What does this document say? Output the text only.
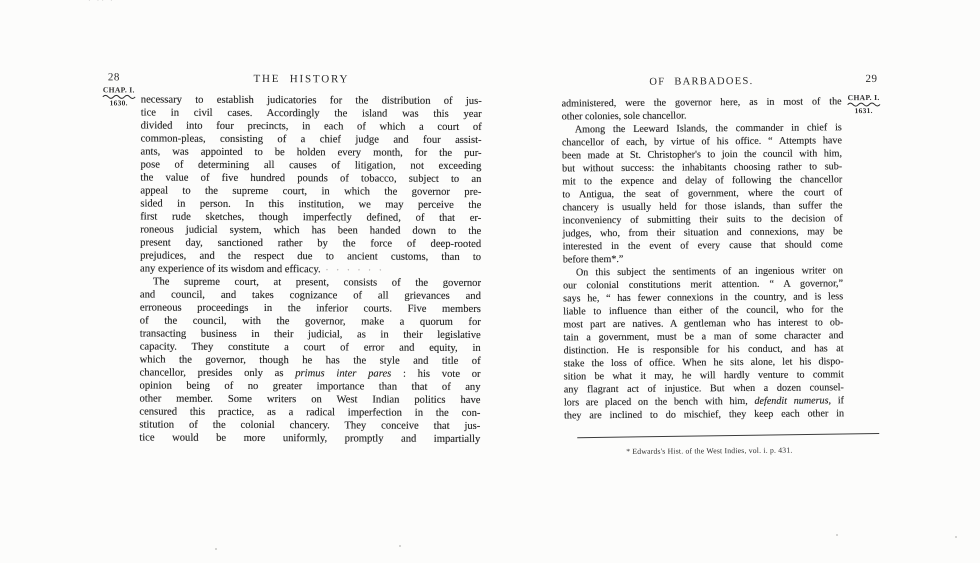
· ·· ·
28	THE HISTORY
CHAP. I.
1630.	necessary to establish judicatories for the distribution of jus-
tice in civil cases. Accordingly the island was this year
divided into four precincts, in each of which a court of
common-pleas, consisting of a chief judge and four assist-
ants, was appointed to be holden every month, for the pur-
pose of determining all causes of litigation, not exceeding
the value of five hundred pounds of tobacco, subject to an
appeal to the supreme court, in which the governor pre-
sided in person. In this institution, we may perceive the
first rude sketches, though imperfectly defined, of that er-
roneous judicial system, which has been handed down to the
present day, sanctioned rather by the force of deep-rooted
prejudices, and the respect due to ancient customs, than to
any experience of its wisdom and efficacy. · · · · · ·
The supreme court, at present, consists of the governor
and council, and takes cognizance of all grievances and
erroneous proceedings in the inferior courts. Five members
of the council, with the governor, make a quorum for
transacting business in their judicial, as in their legislative
capacity. They constitute a court of error and equity, in
which the governor, though he has the style and title of
chancellor, presides only as primus inter pares : his vote or
opinion being of no greater importance than that of any
other member. Some writers on West Indian politics have
censured this practice, as a radical imperfection in the con-
stitution of the colonial chancery. They conceive that jus-
tice would be more uniformly, promptly and impartially
29
OF BARBADOES.
CHAP. I.
1631.
administered, were the governor here, as in most of the
other colonies, sole chancellor.
Among the Leeward Islands, the commander in chief is
chancellor of each, by virtue of his office. “ Attempts have
been made at St. Christopher's to join the council with him,
but without success: the inhabitants choosing rather to sub-
mit to the expence and delay of following the chancellor
to Antigua, the seat of government, where the court of
chancery is usually held for those islands, than suffer the
inconveniency of submitting their suits to the decision of
judges, who, from their situation and connexions, may be
interested in the event of every cause that should come
before them*.”
On this subject the sentiments of an ingenious writer on
our colonial constitutions merit attention. “ A governor,”
says he, “ has fewer connexions in the country, and is less
liable to influence than either of the council, who for the
most part are natives. A gentleman who has interest to ob-
tain a government, must be a man of some character and
distinction. He is responsible for his conduct, and has at
stake the loss of office. When he sits alone, let his dispo-
sition be what it may, he will hardly venture to commit
any flagrant act of injustice. But when a dozen counsel-
lors are placed on the bench with him, defendit numerus, if
they are inclined to do mischief, they keep each other in
* Edwards's Hist. of the West Indies, vol. i. p. 431.
